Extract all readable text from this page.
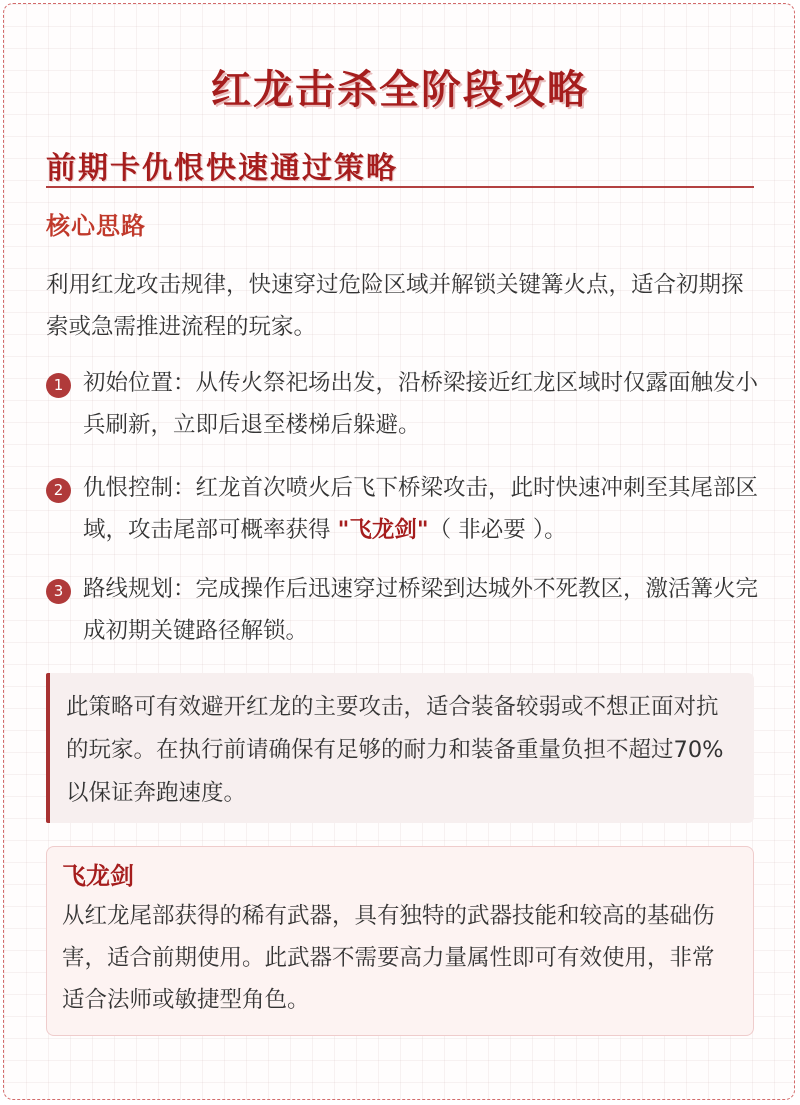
红龙击杀全阶段攻略
前期卡仇恨快速通过策略
核心思路
利用红龙攻击规律，快速穿过危险区域并解锁关键篝火点，适合初期探索或急需推进流程的玩家。
1 初始位置：从传火祭祀场出发，沿桥梁接近红龙区域时仅露面触发小兵刷新，立即后退至楼梯后躲避。
2 仇恨控制：红龙首次喷火后飞下桥梁攻击，此时快速冲刺至其尾部区域，攻击尾部可概率获得 "飞龙剑"（ 非必要 ）。
3 路线规划：完成操作后迅速穿过桥梁到达城外不死教区，激活篝火完成初期关键路径解锁。
此策略可有效避开红龙的主要攻击，适合装备较弱或不想正面对抗的玩家。在执行前请确保有足够的耐力和装备重量负担不超过70%以保证奔跑速度。
飞龙剑
从红龙尾部获得的稀有武器，具有独特的武器技能和较高的基础伤害，适合前期使用。此武器不需要高力量属性即可有效使用，非常适合法师或敏捷型角色。
